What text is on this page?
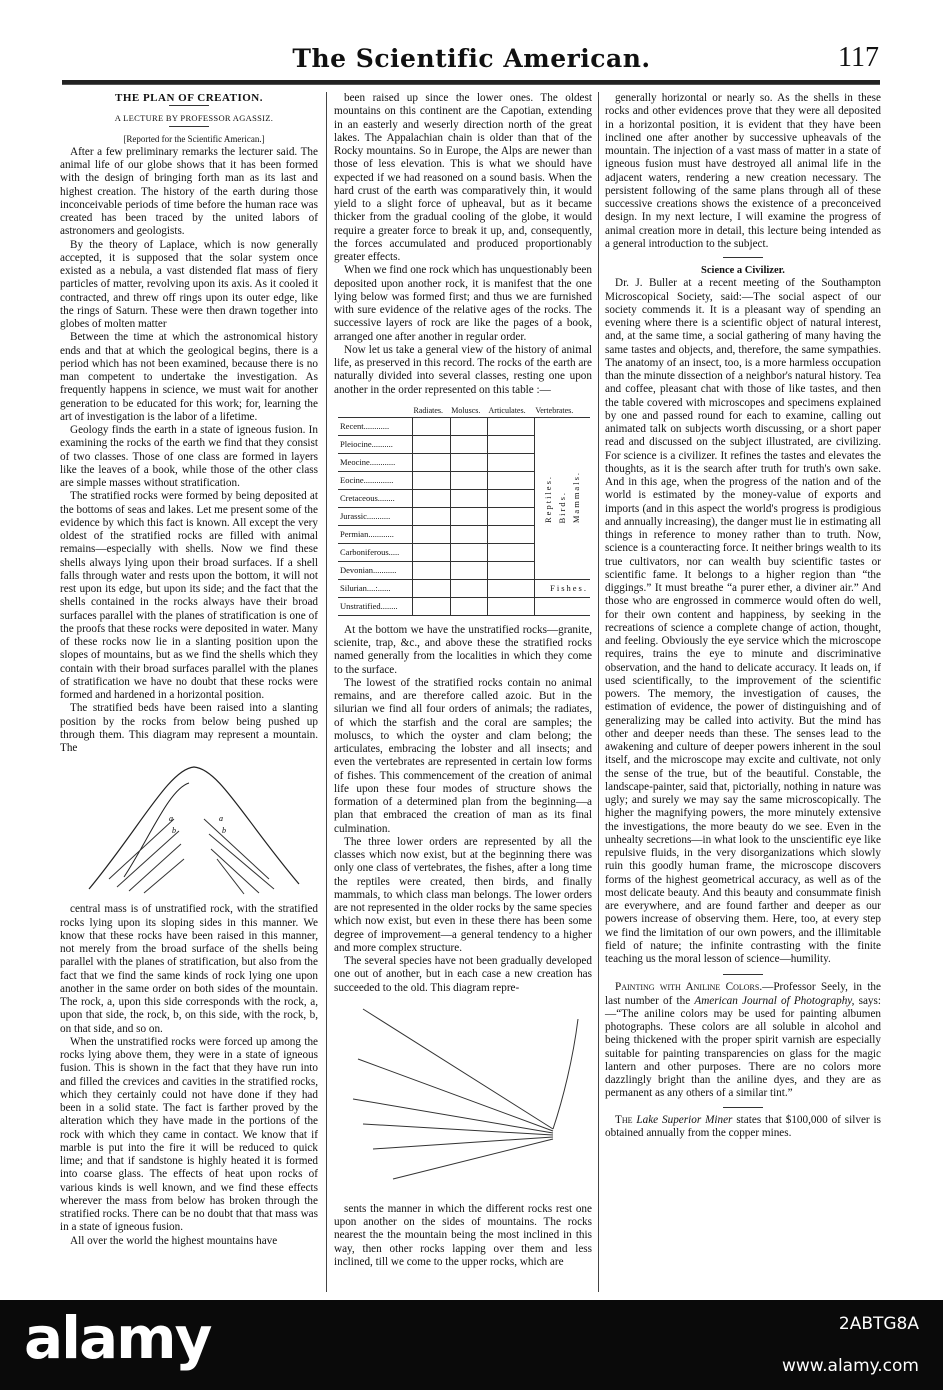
The Scientific American.	117

THE PLAN OF CREATION.

A LECTURE BY PROFESSOR AGASSIZ.

[Reported for the Scientific American.]

After a few preliminary remarks the lecturer said. The animal life of our globe shows that it has been formed with the design of bringing forth man as its last and highest creation. The history of the earth during those inconceivable periods of time before the human race was created has been traced by the united labors of astronomers and geologists.

By the theory of Laplace, which is now generally accepted, it is supposed that the solar system once existed as a nebula, a vast distended flat mass of fiery particles of matter, revolving upon its axis. As it cooled it contracted, and threw off rings upon its outer edge, like the rings of Saturn. These were then drawn together into globes of molten matter

Between the time at which the astronomical history ends and that at which the geological begins, there is a period which has not been examined, because there is no man competent to undertake the investigation. As frequently happens in science, we must wait for another generation to be educated for this work; for, learning the art of investigation is the labor of a lifetime.

Geology finds the earth in a state of igneous fusion. In examining the rocks of the earth we find that they consist of two classes. Those of one class are formed in layers like the leaves of a book, while those of the other class are simple masses without stratification.

The stratified rocks were formed by being deposited at the bottoms of seas and lakes. Let me present some of the evidence by which this fact is known. All except the very oldest of the stratified rocks are filled with animal remains—especially with shells. Now we find these shells always lying upon their broad surfaces. If a shell falls through water and rests upon the bottom, it will not rest upon its edge, but upon its side; and the fact that the shells contained in the rocks always have their broad surfaces parallel with the planes of stratification is one of the proofs that these rocks were deposited in water. Many of these rocks now lie in a slanting position upon the slopes of mountains, but as we find the shells which they contain with their broad surfaces parallel with the planes of stratification we have no doubt that these rocks were formed and hardened in a horizontal position.

The stratified beds have been raised into a slanting position by the rocks from below being pushed up through them. This diagram may represent a mountain. The

a
b
a
b

central mass is of unstratified rock, with the stratified rocks lying upon its sloping sides in this manner. We know that these rocks have been raised in this manner, not merely from the broad surface of the shells being parallel with the planes of stratification, but also from the fact that we find the same kinds of rock lying one upon another in the same order on both sides of the mountain. The rock, a, upon this side corresponds with the rock, a, upon that side, the rock, b, on this side, with the rock, b, on that side, and so on.

When the unstratified rocks were forced up among the rocks lying above them, they were in a state of igneous fusion. This is shown in the fact that they have run into and filled the crevices and cavities in the stratified rocks, which they certainly could not have done if they had been in a solid state. The fact is farther proved by the alteration which they have made in the portions of the rock with which they came in contact. We know that if marble is put into the fire it will be reduced to quick lime; and that if sandstone is highly heated it is formed into coarse glass. The effects of heat upon rocks of various kinds is well known, and we find these effects wherever the mass from below has broken through the stratified rocks. There can be no doubt that that mass was in a state of igneous fusion.

All over the world the highest mountains have

been raised up since the lower ones. The oldest mountains on this continent are the Capotian, extending in an easterly and weserly direction north of the great lakes. The Appalachian chain is older than that of the Rocky mountains. So in Europe, the Alps are newer than those of less elevation. This is what we should have expected if we had reasoned on a sound basis. When the hard crust of the earth was comparatively thin, it would yield to a slight force of upheaval, but as it became thicker from the gradual cooling of the globe, it would require a greater force to break it up, and, consequently, the forces accumulated and produced proportionably greater effects.

When we find one rock which has unquestionably been deposited upon another rock, it is manifest that the one lying below was formed first; and thus we are furnished with sure evidence of the relative ages of the rocks. The successive layers of rock are like the pages of a book, arranged one after another in regular order.

Now let us take a general view of the history of animal life, as preserved in this record. The rocks of the earth are naturally divided into several classes, resting one upon another in the order represented on this table :—

	Radiates.	Moluscs.	Articulates.	Vertebrates.
Recent............				Reptiles. Birds. Mammals.
Pleiocine..........				
Meocine............				
Eocine..............				
Cretaceous........				
Jurassic...........				
Permian............				
Carboniferous.....				
Devonian...........				
Silurian....:......				Fishes.
Unstratified........				

At the bottom we have the unstratified rocks—granite, scienite, trap, &c., and above these the stratified rocks named generally from the localities in which they come to the surface.

The lowest of the stratified rocks contain no animal remains, and are therefore called azoic. But in the silurian we find all four orders of animals; the radiates, of which the starfish and the coral are samples; the moluscs, to which the oyster and clam belong; the articulates, embracing the lobster and all insects; and even the vertebrates are represented in certain low forms of fishes. This commencement of the creation of animal life upon these four modes of structure shows the formation of a determined plan from the beginning—a plan that embraced the creation of man as its final culmination.

The three lower orders are represented by all the classes which now exist, but at the beginning there was only one class of vertebrates, the fishes, after a long time the reptiles were created, then birds, and finally mammals, to which class man belongs. The lower orders are not represented in the older rocks by the same species which now exist, but even in these there has been some degree of improvement—a general tendency to a higher and more complex structure.

The several species have not been gradually developed one out of another, but in each case a new creation has succeeded to the old. This diagram repre-

sents the manner in which the different rocks rest one upon another on the sides of mountains. The rocks nearest the the mountain being the most inclined in this way, then other rocks lapping over them and less inclined, till we come to the upper rocks, which are

generally horizontal or nearly so. As the shells in these rocks and other evidences prove that they were all deposited in a horizontal position, it is evident that they have been inclined one after another by successive upheavals of the mountain. The injection of a vast mass of matter in a state of igneous fusion must have destroyed all animal life in the adjacent waters, rendering a new creation necessary. The persistent following of the same plans through all of these successive creations shows the existence of a preconceived design. In my next lecture, I will examine the progress of animal creation more in detail, this lecture being intended as a general introduction to the subject.

Science a Civilizer.

Dr. J. Buller at a recent meeting of the Southampton Microscopical Society, said:—The social aspect of our society commends it. It is a pleasant way of spending an evening where there is a scientific object of natural interest, and, at the same time, a social gathering of many having the same tastes and objects, and, therefore, the same sympathies. The anatomy of an insect, too, is a more harmless occupation than the minute dissection of a neighbor's natural history. Tea and coffee, pleasant chat with those of like tastes, and then the table covered with microscopes and specimens explained by one and passed round for each to examine, calling out animated talk on subjects worth discussing, or a short paper read and discussed on the subject illustrated, are civilizing. For science is a civilizer. It refines the tastes and elevates the thoughts, as it is the search after truth for truth's own sake. And in this age, when the progress of the nation and of the world is estimated by the money-value of exports and imports (and in this aspect the world's progress is prodigious and annually increasing), the danger must lie in estimating all things in reference to money rather than to truth. Now, science is a counteracting force. It neither brings wealth to its true cultivators, nor can wealth buy scientific tastes or scientific fame. It belongs to a higher region than “the diggings.” It must breathe “a purer ether, a diviner air.” And those who are engrossed in commerce would often do well, for their own content and happiness, by seeking in the recreations of science a complete change of action, thought, and feeling. Obviously the eye service which the microscope requires, trains the eye to minute and discriminative observation, and the hand to delicate accuracy. It leads on, if used scientifically, to the improvement of the scientific powers. The memory, the investigation of causes, the estimation of evidence, the power of distinguishing and of generalizing may be called into activity. But the mind has other and deeper needs than these. The senses lead to the awakening and culture of deeper powers inherent in the soul itself, and the microscope may excite and cultivate, not only the sense of the true, but of the beautiful. Constable, the landscape-painter, said that, pictorially, nothing in nature was ugly; and surely we may say the same microscopically. The higher the magnifying powers, the more minutely extensive the investigations, the more beauty do we see. Even in the unhealty secretions—in what look to the unscientific eye like repulsive fluids, in the very disorganizations which slowly ruin this goodly human frame, the microscope discovers forms of the highest geometrical accuracy, as well as of the most delicate beauty. And this beauty and consummate finish are everywhere, and are found farther and deeper as our powers increase of observing them. Here, too, at every step we find the limitation of our own powers, and the illimitable field of nature; the infinite contrasting with the finite teaching us the moral lesson of science—humility.

Painting with Aniline Colors.—Professor Seely, in the last number of the American Journal of Photography, says:—“The aniline colors may be used for painting albumen photographs. These colors are all soluble in alcohol and being thickened with the proper spirit varnish are especially suitable for painting transparencies on glass for the magic lantern and other purposes. There are no colors more dazzlingly bright than the aniline dyes, and they are as permanent as any others of a similar tint.”

The Lake Superior Miner states that $100,000 of silver is obtained annually from the copper mines.

alamy	2ABTG8A
www.alamy.com
